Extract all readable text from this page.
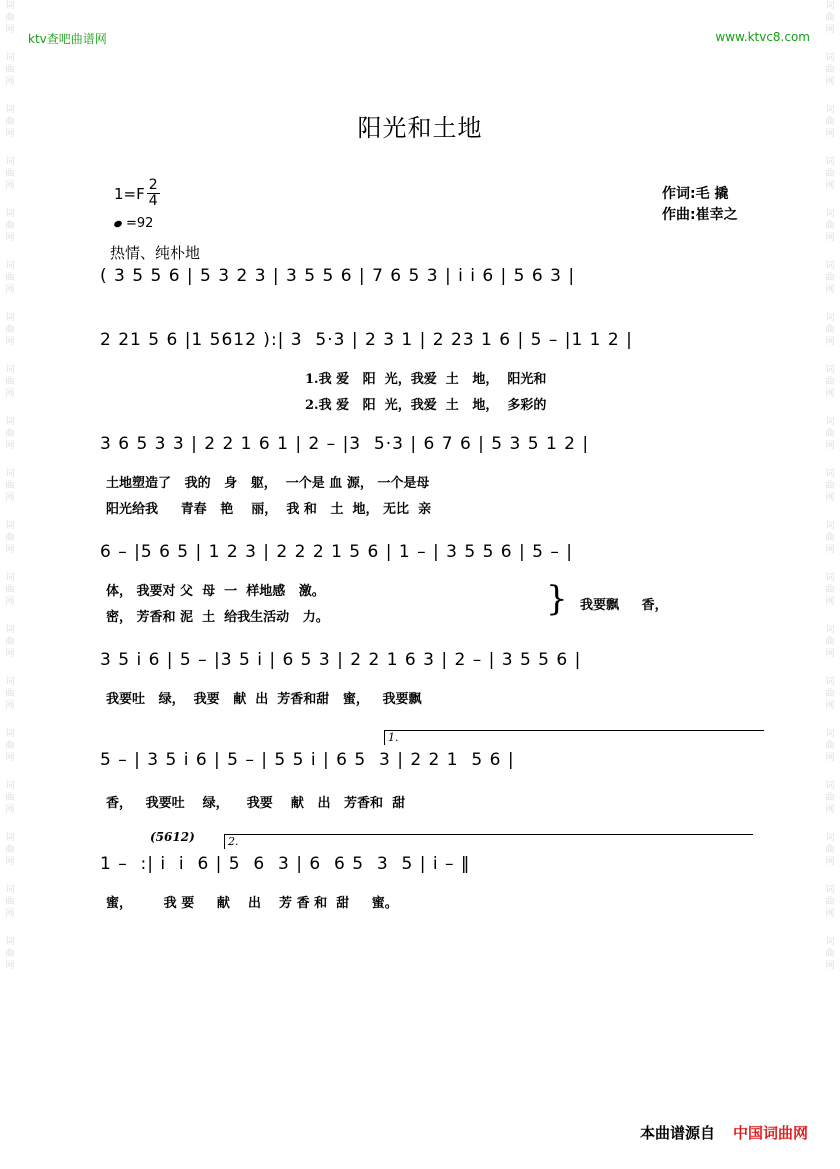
词
曲
网
词
曲
网
词
曲
网
词
曲
网
词
曲
网
词
曲
网
词
曲
网
词
曲
网
词
曲
网
词
曲
网
词
曲
网
词
曲
网
词
曲
网
词
曲
网
词
曲
网
词
曲
网
词
曲
网
词
曲
网
词
曲
网
词
曲
网
词
曲
网
词
曲
网
词
曲
网
词
曲
网
词
曲
网
词
曲
网
词
曲
网
词
曲
网
词
曲
网
词
曲
网
词
曲
网
词
曲
网
词
曲
网
词
曲
网
词
曲
网
词
曲
网
词
曲
网
词
曲
网
ktv查吧曲谱网	www.ktvc8.com
阳光和土地
$1=F \frac{2}{4}$
=92
热情、纯朴地
作词:毛 撬
作曲:崔幸之
( 3 5 5 6 | 5 3 2 3 | 3 5 5 6 | 7 6 5 3 | i i 6 | 5 6 3 |
2 21 5 6 |1 5612 ):| 3  5·3 | 2 3 1 | 2 23 1 6 | 5 – |1 1 2 |
1.我 爱   阳  光，我爱  土   地，  阳光和
2.我 爱   阳  光，我爱  土   地，  多彩的
3 6 5 3 3 | 2 2 1 6 1 | 2 – |3  5·3 | 6 7 6 | 5 3 5 1 2 |
土地塑造了   我的   身   躯，  一个是 血 源， 一个是母
阳光给我     青春   艳    丽，  我 和   土  地， 无比  亲
6 – |5 6 5 | 1 2 3 | 2 2 2 1 5 6 | 1 – | 3 5 5 6 | 5 – |
体， 我要对 父  母  一  样地感   激。
密， 芳香和 泥  土  给我生活动   力。	} 我要飘     香，
3 5 i 6 | 5 – |3 5 i | 6 5 3 | 2 2 1 6 3 | 2 – | 3 5 5 6 |
我要吐   绿，  我要   献  出  芳香和甜   蜜，   我要飘
1.
5 – | 3 5 i 6 | 5 – | 5 5 i | 6 5  3 | 2 2 1  5 6 |
香，   我要吐    绿，    我要    献   出   芳香和  甜
2.
(5612)
1 –  :| i  i  6 | 5  6  3 | 6  6 5  3  5 | i – ‖
蜜，       我 要     献    出    芳 香 和  甜     蜜。
本曲谱源自 中国词曲网
